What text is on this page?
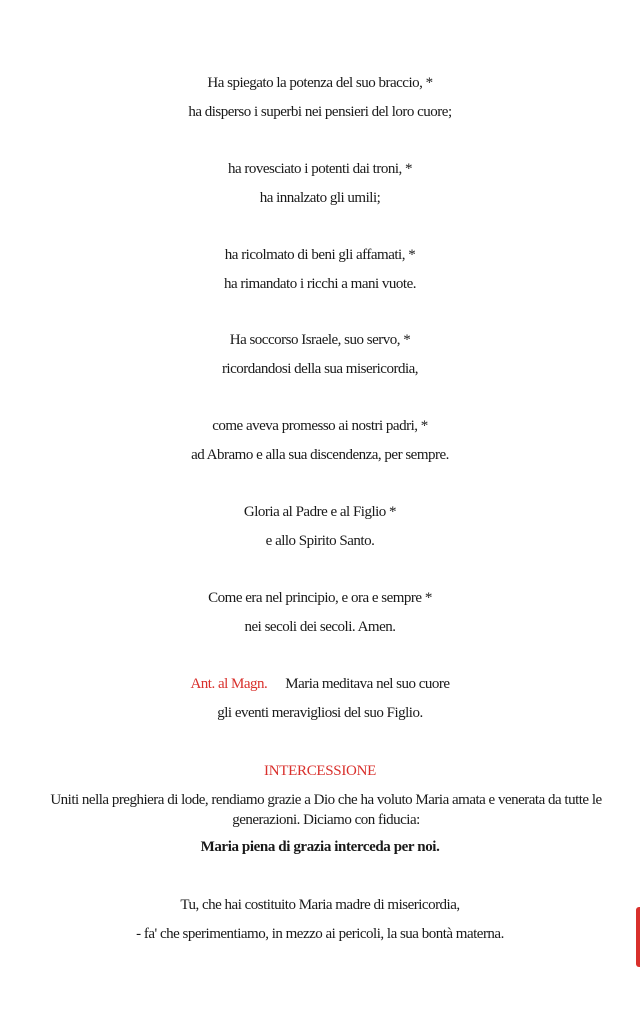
Ha spiegato la potenza del suo braccio, *
ha disperso i superbi nei pensieri del loro cuore;
ha rovesciato i potenti dai troni, *
ha innalzato gli umili;
ha ricolmato di beni gli affamati, *
ha rimandato i ricchi a mani vuote.
Ha soccorso Israele, suo servo, *
ricordandosi della sua misericordia,
come aveva promesso ai nostri padri, *
ad Abramo e alla sua discendenza, per sempre.
Gloria al Padre e al Figlio *
e allo Spirito Santo.
Come era nel principio, e ora e sempre *
nei secoli dei secoli. Amen.
Ant. al Magn. Maria meditava nel suo cuore
gli eventi meravigliosi del suo Figlio.
INTERCESSIONE
Uniti nella preghiera di lode, rendiamo grazie a Dio che ha voluto Maria amata e venerata da tutte le generazioni. Diciamo con fiducia:
Maria piena di grazia interceda per noi.
Tu, che hai costituito Maria madre di misericordia,
- fa' che sperimentiamo, in mezzo ai pericoli, la sua bontà materna.
